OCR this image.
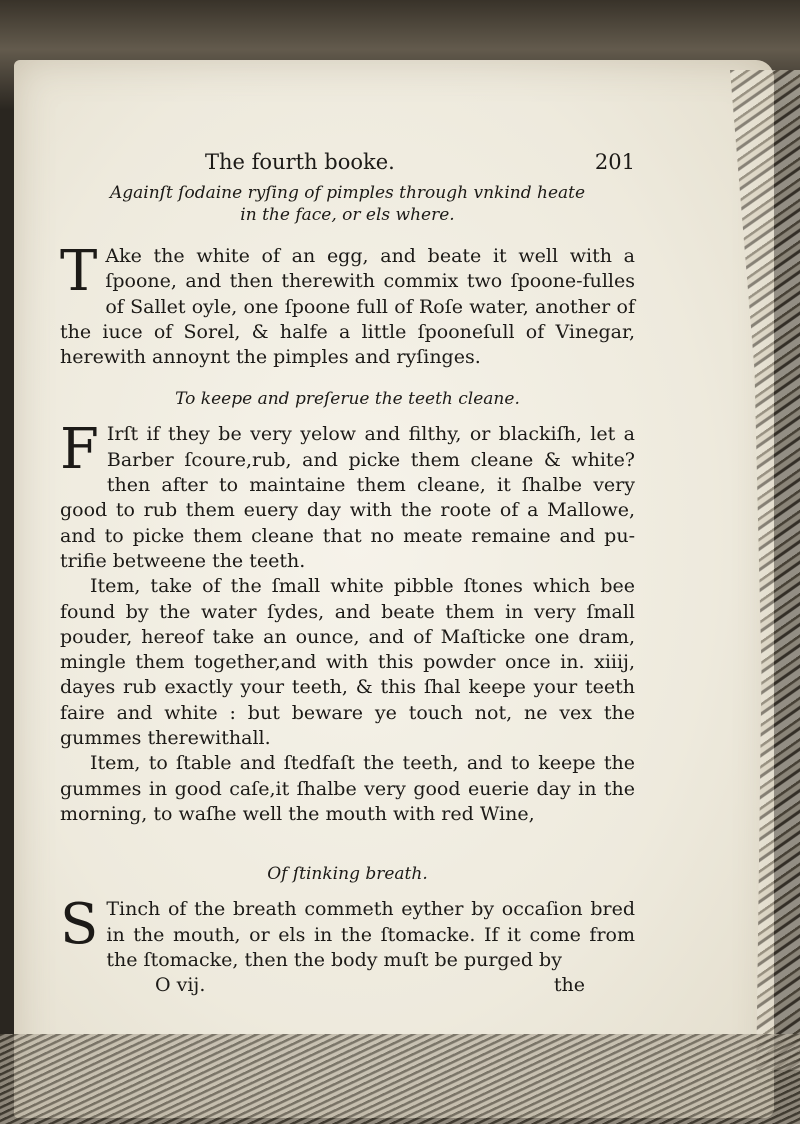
The fourth booke.	201

Againſt ſodaine ryſing of pimples through vnkind heate

in the face, or els where.

T Ake the white of an egg, and beate it well with a ſpoone, and then therewith commix two ſpoone-fulles of Sallet oyle, one ſpoone full of Roſe water, another of the iuce of Sorel, & halfe a little ſpooneſull of Vinegar, herewith annoynt the pimples and ryſinges.

To keepe and preſerue the teeth cleane.

F Irſt if they be very yelow and filthy, or blackiſh, let a Barber ſcoure,rub, and picke them cleane & white? then after to maintaine them cleane, it ſhalbe very good to rub them euery day with the roote of a Mallowe, and to picke them cleane that no meate remaine and pu-trifie betweene the teeth.

Item, take of the ſmall white pibble ſtones which bee found by the water ſydes, and beate them in very ſmall pouder, hereof take an ounce, and of Maſticke one dram, mingle them together,and with this powder once in. xiiij, dayes rub exactly your teeth, & this ſhal keepe your teeth faire and white : but beware ye touch not, ne vex the gummes therewithall.

Item, to ſtable and ſtedfaſt the teeth, and to keepe the gummes in good caſe,it ſhalbe very good euerie day in the morning, to waſhe well the mouth with red Wine,

Of ſtinking breath.

S Tinch of the breath commeth eyther by occaſion bred in the mouth, or els in the ſtomacke. If it come from the ſtomacke, then the body muſt be purged by

O vij.	the
